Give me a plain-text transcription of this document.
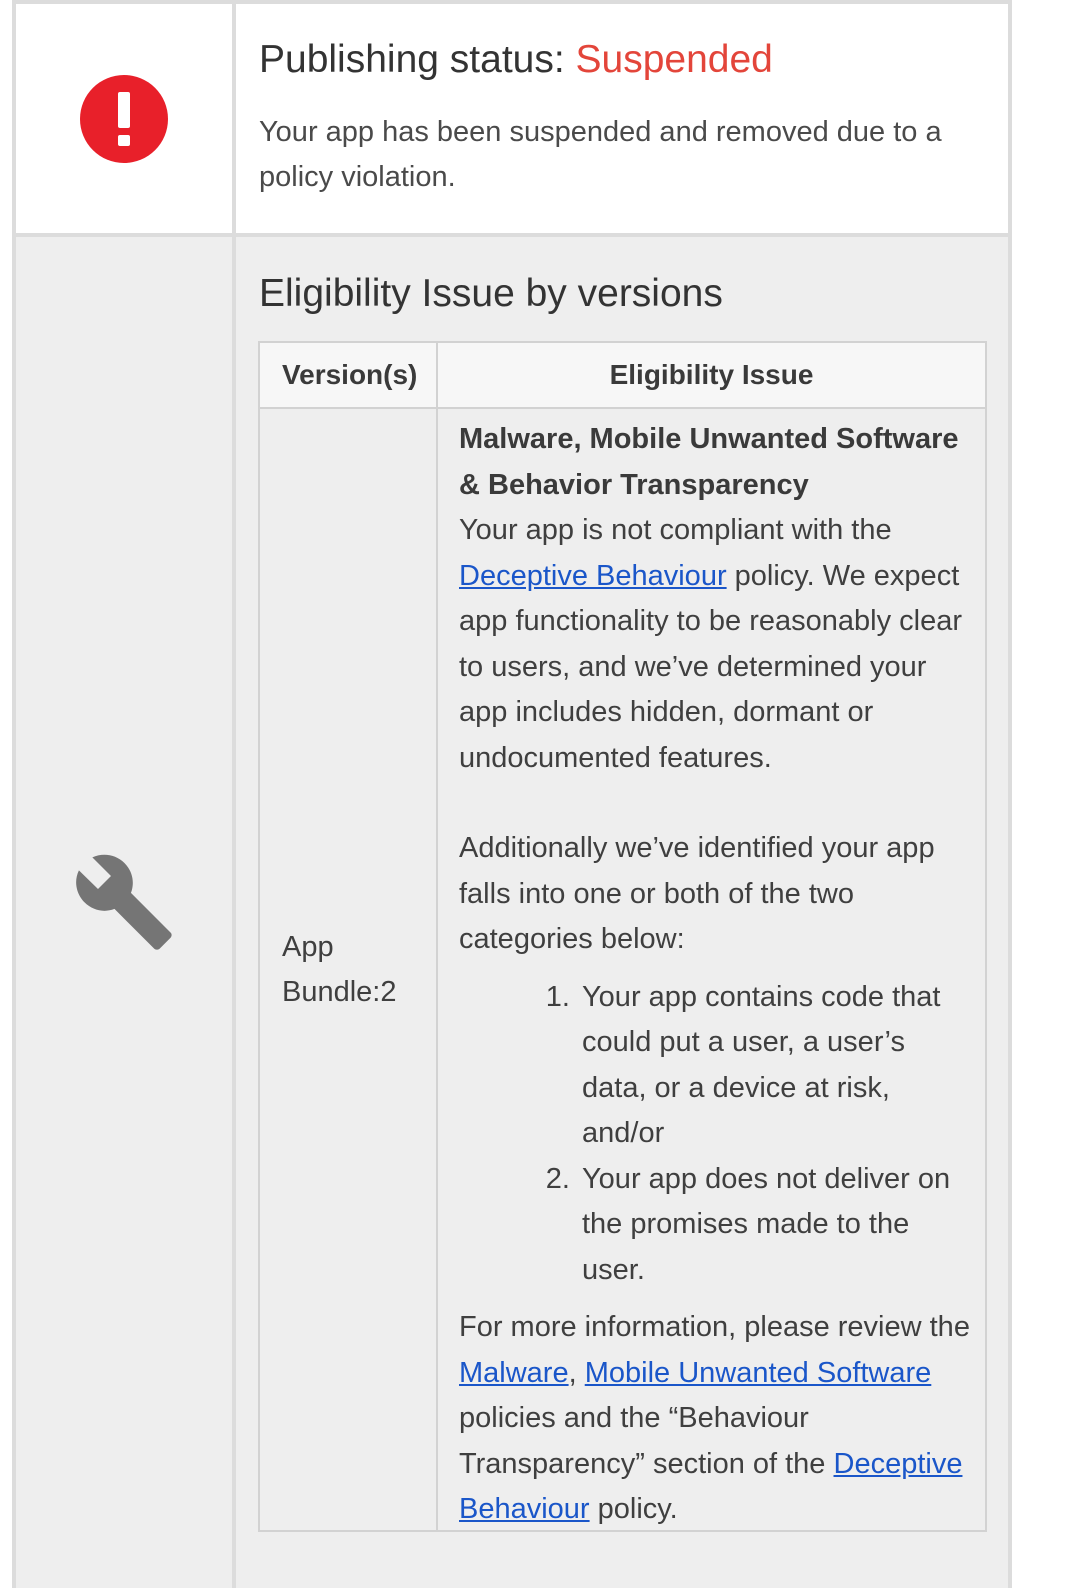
Publishing status: Suspended
Your app has been suspended and removed due to a policy violation.
Eligibility Issue by versions
Version(s)	Eligibility Issue
App
Bundle:2

Malware, Mobile Unwanted Software & Behavior Transparency

Your app is not compliant with the Deceptive Behaviour policy. We expect app functionality to be reasonably clear to users, and we’ve determined your app includes hidden, dormant or undocumented features.

Additionally we’ve identified your app falls into one or both of the two categories below:

1. Your app contains code that could put a user, a user’s data, or a device at risk, and/or
2. Your app does not deliver on the promises made to the user.

For more information, please review the Malware, Mobile Unwanted Software policies and the “Behaviour Transparency” section of the Deceptive Behaviour policy.
